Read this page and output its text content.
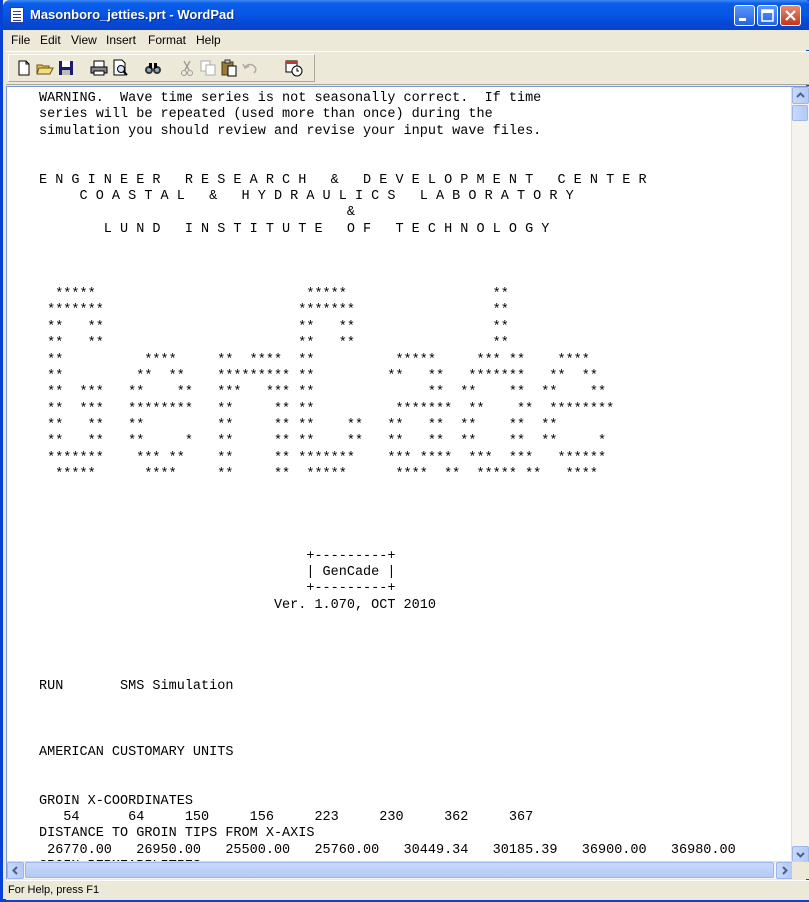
Masonboro_jetties.prt - WordPad
File Edit View Insert Format Help
WARNING.  Wave time series is not seasonally correct.  If time
series will be repeated (used more than once) during the
simulation you should review and revise your input wave files.

E N G I N E E R   R E S E A R C H   &   D E V E L O P M E N T   C E N T E R
C O A S T A L   &   H Y D R A U L I C S   L A B O R A T O R Y
&
L U N D   I N S T I T U T E   O F   T E C H N O L O G Y

*****                          *****                  **
*******                        *******                 **
**   **                        **   **                 **
**   **                        **   **                 **
**          ****     **  ****  **          *****     *** **    ****
**         **  **    ********* **         **   **   *******   **  **
**  ***   **    **   ***   *** **              **  **    **  **    **
**  ***   ********   **     ** **          *******  **    **  ********
**   **   **         **     ** **    **   **   **  **    **  **
**   **   **     *   **     ** **    **   **   **  **    **  **     *
*******    *** **    **     ** *******    *** ****  ***  ***   ******
*****      ****     **     **  *****      ****  **  ***** **   ****

+---------+
| GenCade |
+---------+
Ver. 1.070, OCT 2010

RUN       SMS Simulation

AMERICAN CUSTOMARY UNITS

GROIN X-COORDINATES
54      64     150     156     223     230     362     367
DISTANCE TO GROIN TIPS FROM X-AXIS
26770.00   26950.00   25500.00   25760.00   30449.34   30185.39   36900.00   36980.00

For Help, press F1
